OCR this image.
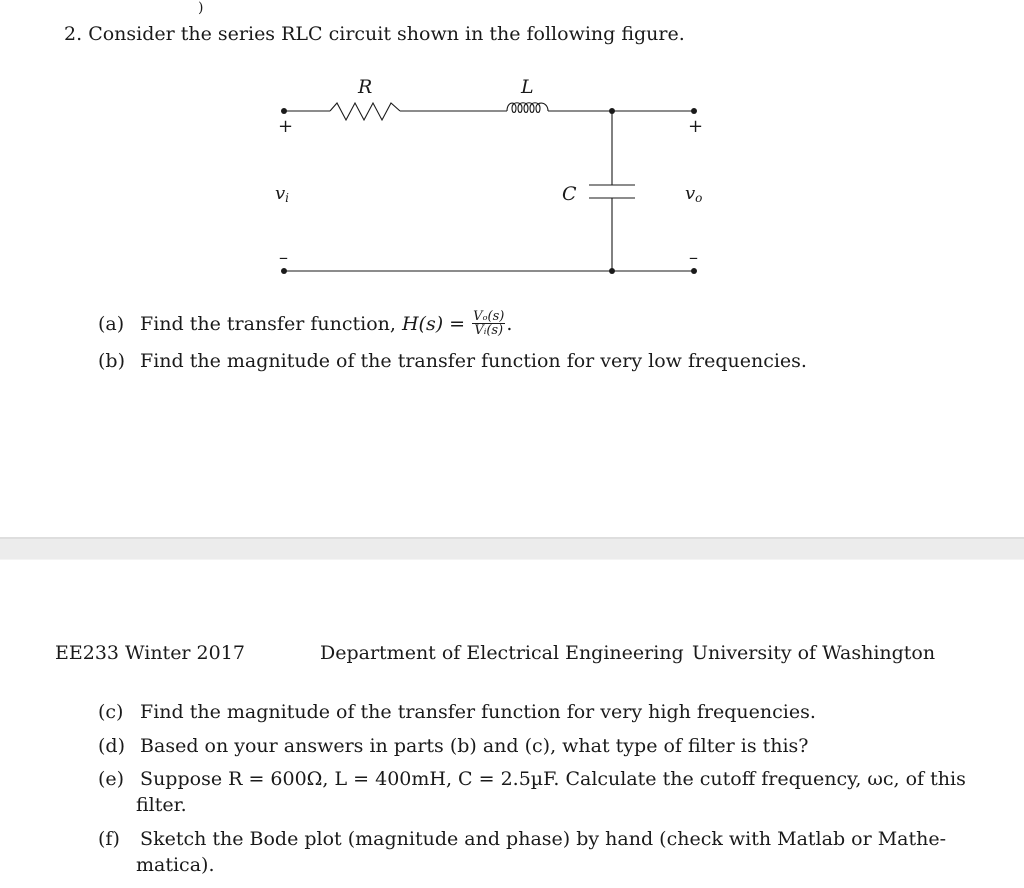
)
2. Consider the series RLC circuit shown in the following figure.
R	L
C
+	+
–	–
vi	vo
(a) Find the transfer function, $H(s) = \frac{\text{Vₒ(s)}}{\text{Vᵢ(s)}}$ .
(b) Find the magnitude of the transfer function for very low frequencies.
EE233 Winter 2017	Department of Electrical Engineering University of Washington
(c) Find the magnitude of the transfer function for very high frequencies.
(d) Based on your answers in parts (b) and (c), what type of filter is this?
(e) Suppose R = 600Ω, L = 400mH, C = 2.5µF. Calculate the cutoff frequency, ωᴄ, of this
filter.
(f) Sketch the Bode plot (magnitude and phase) by hand (check with Matlab or Mathe-
matica).
